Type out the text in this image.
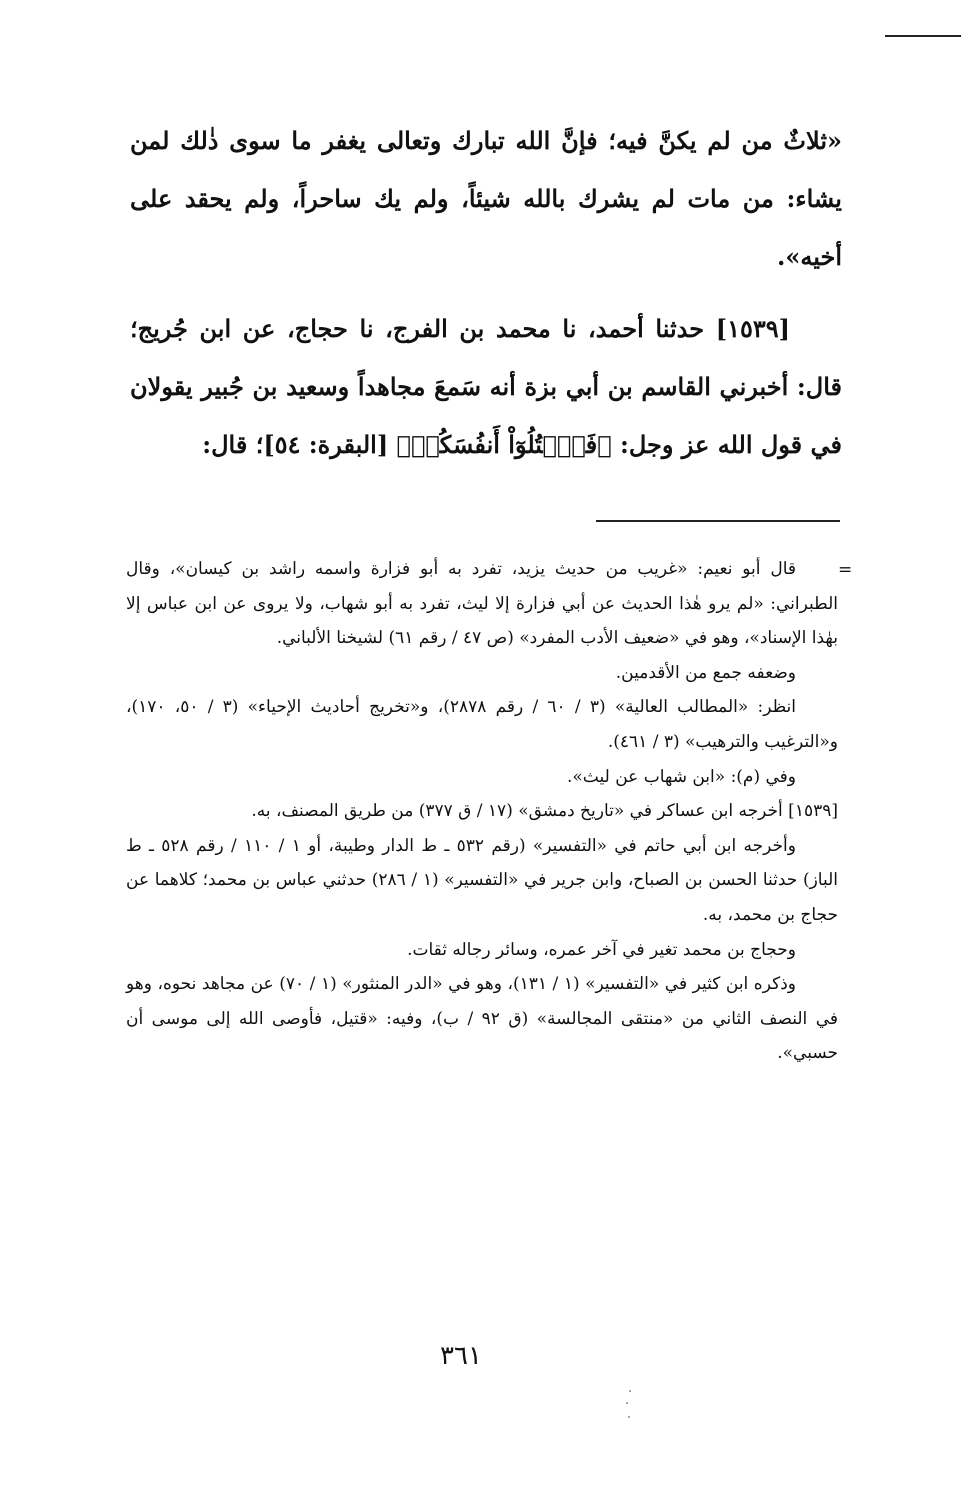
«ثلاثٌ من لم يكنَّ فيه؛ فإنَّ الله تبارك وتعالى يغفر ما سوى ذٰلك لمن يشاء: من مات لم يشرك بالله شيئاً، ولم يك ساحراً، ولم يحقد على أخيه».

[١٥٣٩] حدثنا أحمد، نا محمد بن الفرج، نا حجاج، عن ابن جُريج؛ قال: أخبرني القاسم بن أبي بزة أنه سَمعَ مجاهداً وسعيد بن جُبير يقولان في قول الله عز وجل: ﴿فَٱقۡتُلُوٓاْ أَنفُسَكُمۡ﴾ [البقرة: ٥٤]؛ قال:

=

قال أبو نعيم: «غريب من حديث يزيد، تفرد به أبو فزارة واسمه راشد بن كيسان»، وقال الطبراني: «لم يرو هٰذا الحديث عن أبي فزارة إلا ليث، تفرد به أبو شهاب، ولا يروى عن ابن عباس إلا بهٰذا الإسناد»، وهو في «ضعيف الأدب المفرد» (ص ٤٧ / رقم ٦١) لشيخنا الألباني.

وضعفه جمع من الأقدمين.

انظر: «المطالب العالية» (٣ / ٦٠ / رقم ٢٨٧٨)، و«تخريج أحاديث الإحياء» (٣ / ٥٠، ١٧٠)، و«الترغيب والترهيب» (٣ / ٤٦١).

وفي (م): «ابن شهاب عن ليث».

[١٥٣٩] أخرجه ابن عساكر في «تاريخ دمشق» (١٧ / ق ٣٧٧) من طريق المصنف، به.

وأخرجه ابن أبي حاتم في «التفسير» (رقم ٥٣٢ ـ ط الدار وطيبة، أو ١ / ١١٠ / رقم ٥٢٨ ـ ط الباز) حدثنا الحسن بن الصباح، وابن جرير في «التفسير» (١ / ٢٨٦) حدثني عباس بن محمد؛ كلاهما عن حجاج بن محمد، به.

وحجاج بن محمد تغير في آخر عمره، وسائر رجاله ثقات.

وذكره ابن كثير في «التفسير» (١ / ١٣١)، وهو في «الدر المنثور» (١ / ٧٠) عن مجاهد نحوه، وهو في النصف الثاني من «منتقى المجالسة» (ق ٩٢ / ب)، وفيه: «قتيل، فأوصى الله إلى موسى أن حسبي».

٣٦١
